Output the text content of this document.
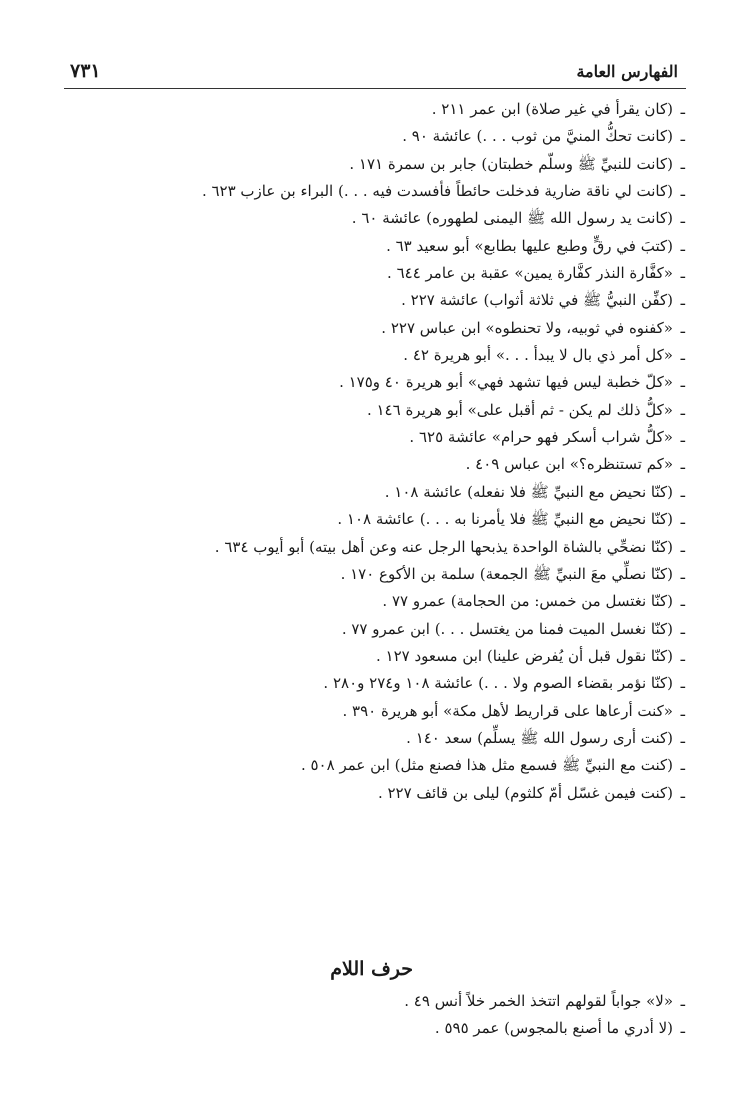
٧٣١	الفهارس العامة
ـ(كان يقرأ في غير صلاة) ابن عمر ٢١١ .
ـ(كانت تحكُّ المنيَّ من ثوب . . .) عائشة ٩٠ .
ـ(كانت للنبيِّ ﷺ وسلّم خطبتان) جابر بن سمرة ١٧١ .
ـ(كانت لي ناقة ضارية فدخلت حائطاً فأفسدت فيه . . .) البراء بن عازب ٦٢٣ .
ـ(كانت يد رسول الله ﷺ اليمنى لطهوره) عائشة ٦٠ .
ـ(كتبَ في رقٍّ وطبع عليها بطابع» أبو سعيد ٦٣ .
ـ«كفَّارة النذر كفَّارة يمين» عقبة بن عامر ٦٤٤ .
ـ(كفِّن النبيُّ ﷺ في ثلاثة أثواب) عائشة ٢٢٧ .
ـ«كفنوه في ثوبيه، ولا تحنطوه» ابن عباس ٢٢٧ .
ـ«كل أمر ذي بال لا يبدأ . . .» أبو هريرة ٤٢ .
ـ«كلّ خطبة ليس فيها تشهد فهي» أبو هريرة ٤٠ و١٧٥ .
ـ«كلُّ ذلك لم يكن - ثم أقبل على» أبو هريرة ١٤٦ .
ـ«كلُّ شراب أسكر فهو حرام» عائشة ٦٢٥ .
ـ«كم تستنظره؟» ابن عباس ٤٠٩ .
ـ(كنّا نحيض مع النبيِّ ﷺ فلا نفعله) عائشة ١٠٨ .
ـ(كنّا نحيض مع النبيِّ ﷺ فلا يأمرنا به . . .) عائشة ١٠٨ .
ـ(كنّا نضحِّي بالشاة الواحدة يذبحها الرجل عنه وعن أهل بيته) أبو أيوب ٦٣٤ .
ـ(كنّا نصلِّي معَ النبيِّ ﷺ الجمعة) سلمة بن الأكوع ١٧٠ .
ـ(كنّا نغتسل من خمس: من الحجامة) عمرو ٧٧ .
ـ(كنّا نغسل الميت فمنا من يغتسل . . .) ابن عمرو ٧٧ .
ـ(كنّا نقول قبل أن يُفرض علينا) ابن مسعود ١٢٧ .
ـ(كنّا نؤمر بقضاء الصوم ولا . . .) عائشة ١٠٨ و٢٧٤ و٢٨٠ .
ـ«كنت أرعاها على قراريط لأهل مكة» أبو هريرة ٣٩٠ .
ـ(كنت أرى رسول الله ﷺ يسلِّم) سعد ١٤٠ .
ـ(كنت مع النبيِّ ﷺ فسمع مثل هذا فصنع مثل) ابن عمر ٥٠٨ .
ـ(كنت فيمن غسّل أمّ كلثوم) ليلى بن قائف ٢٢٧ .
حرف اللام
ـ«لا» جواباً لقولهم اتتخذ الخمر خلاً أنس ٤٩ .
ـ(لا أدري ما أصنع بالمجوس) عمر ٥٩٥ .
